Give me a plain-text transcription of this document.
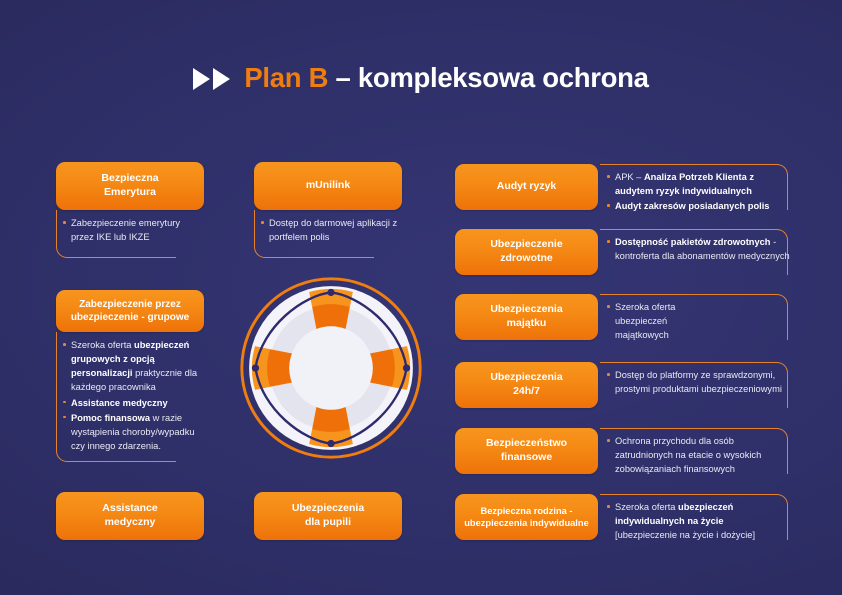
Plan B – kompleksowa ochrona
Bezpieczna
Emerytura
Zabezpieczenie emerytury
przez IKE lub IKZE
Zabezpieczenie przez
ubezpieczenie - grupowe
Szeroka oferta ubezpieczeń grupowych z opcją personalizacji praktycznie dla każdego pracownika
Assistance medyczny
Pomoc finansowa w razie wystąpienia choroby/wypadku czy innego zdarzenia.
Assistance
medyczny
mUnilink
Dostęp do darmowej aplikacji z portfelem polis
Ubezpieczenia
dla pupili
Audyt ryzyk
APK – Analiza Potrzeb Klienta z audytem ryzyk indywidualnych
Audyt zakresów posiadanych polis
Ubezpieczenie
zdrowotne
Dostępność pakietów zdrowotnych - kontroferta dla abonamentów medycznych
Ubezpieczenia
majątku
Szeroka oferta ubezpieczeń majątkowych
Ubezpieczenia
24h/7
Dostęp do platformy ze sprawdzonymi, prostymi produktami ubezpieczeniowymi
Bezpieczeństwo
finansowe
Ochrona przychodu dla osób zatrudnionych na etacie o wysokich zobowiązaniach finansowych
Bezpieczna rodzina -
ubezpieczenia indywidualne
Szeroka oferta ubezpieczeń indywidualnych na życie
[ubezpieczenie na życie i dożycie]
